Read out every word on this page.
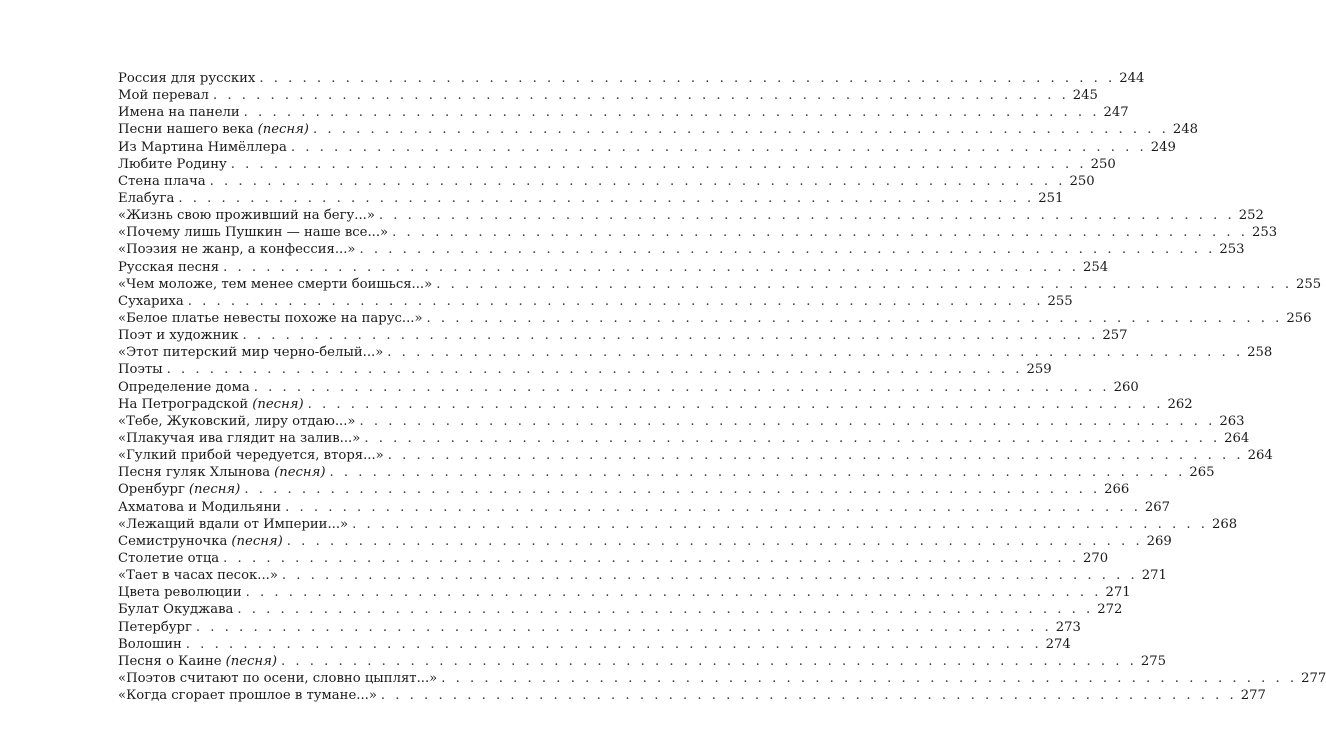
Россия для русских . . . . . . . . . . . . . . . . . . . . . . . . . . . . . . . . . . . . . . . . . . . . . . . . . . . . . . . . . . . . 244
Мой перевал . . . . . . . . . . . . . . . . . . . . . . . . . . . . . . . . . . . . . . . . . . . . . . . . . . . . . . . . . . . . 245
Имена на панели . . . . . . . . . . . . . . . . . . . . . . . . . . . . . . . . . . . . . . . . . . . . . . . . . . . . . . . . . . . . 247
Песни нашего века (песня) . . . . . . . . . . . . . . . . . . . . . . . . . . . . . . . . . . . . . . . . . . . . . . . . . . . . . . . . . . . . 248
Из Мартина Нимёллера . . . . . . . . . . . . . . . . . . . . . . . . . . . . . . . . . . . . . . . . . . . . . . . . . . . . . . . . . . . . 249
Любите Родину . . . . . . . . . . . . . . . . . . . . . . . . . . . . . . . . . . . . . . . . . . . . . . . . . . . . . . . . . . . . 250
Стена плача . . . . . . . . . . . . . . . . . . . . . . . . . . . . . . . . . . . . . . . . . . . . . . . . . . . . . . . . . . . . 250
Елабуга . . . . . . . . . . . . . . . . . . . . . . . . . . . . . . . . . . . . . . . . . . . . . . . . . . . . . . . . . . . . 251
«Жизнь свою проживший на бегу...» . . . . . . . . . . . . . . . . . . . . . . . . . . . . . . . . . . . . . . . . . . . . . . . . . . . . . . . . . . . . 252
«Почему лишь Пушкин — наше все...» . . . . . . . . . . . . . . . . . . . . . . . . . . . . . . . . . . . . . . . . . . . . . . . . . . . . . . . . . . . . 253
«Поэзия не жанр, а конфессия...» . . . . . . . . . . . . . . . . . . . . . . . . . . . . . . . . . . . . . . . . . . . . . . . . . . . . . . . . . . . . 253
Русская песня . . . . . . . . . . . . . . . . . . . . . . . . . . . . . . . . . . . . . . . . . . . . . . . . . . . . . . . . . . . . 254
«Чем моложе, тем менее смерти боишься...» . . . . . . . . . . . . . . . . . . . . . . . . . . . . . . . . . . . . . . . . . . . . . . . . . . . . . . . . . . . . 255
Сухариха . . . . . . . . . . . . . . . . . . . . . . . . . . . . . . . . . . . . . . . . . . . . . . . . . . . . . . . . . . . . 255
«Белое платье невесты похоже на парус...» . . . . . . . . . . . . . . . . . . . . . . . . . . . . . . . . . . . . . . . . . . . . . . . . . . . . . . . . . . . . 256
Поэт и художник . . . . . . . . . . . . . . . . . . . . . . . . . . . . . . . . . . . . . . . . . . . . . . . . . . . . . . . . . . . . 257
«Этот питерский мир черно-белый...» . . . . . . . . . . . . . . . . . . . . . . . . . . . . . . . . . . . . . . . . . . . . . . . . . . . . . . . . . . . . 258
Поэты . . . . . . . . . . . . . . . . . . . . . . . . . . . . . . . . . . . . . . . . . . . . . . . . . . . . . . . . . . . . 259
Определение дома . . . . . . . . . . . . . . . . . . . . . . . . . . . . . . . . . . . . . . . . . . . . . . . . . . . . . . . . . . . . 260
На Петроградской (песня) . . . . . . . . . . . . . . . . . . . . . . . . . . . . . . . . . . . . . . . . . . . . . . . . . . . . . . . . . . . . 262
«Тебе, Жуковский, лиру отдаю...» . . . . . . . . . . . . . . . . . . . . . . . . . . . . . . . . . . . . . . . . . . . . . . . . . . . . . . . . . . . . 263
«Плакучая ива глядит на залив...» . . . . . . . . . . . . . . . . . . . . . . . . . . . . . . . . . . . . . . . . . . . . . . . . . . . . . . . . . . . . 264
«Гулкий прибой чередуется, вторя...» . . . . . . . . . . . . . . . . . . . . . . . . . . . . . . . . . . . . . . . . . . . . . . . . . . . . . . . . . . . . 264
Песня гуляк Хлынова (песня) . . . . . . . . . . . . . . . . . . . . . . . . . . . . . . . . . . . . . . . . . . . . . . . . . . . . . . . . . . . . 265
Оренбург (песня) . . . . . . . . . . . . . . . . . . . . . . . . . . . . . . . . . . . . . . . . . . . . . . . . . . . . . . . . . . . . 266
Ахматова и Модильяни . . . . . . . . . . . . . . . . . . . . . . . . . . . . . . . . . . . . . . . . . . . . . . . . . . . . . . . . . . . . 267
«Лежащий вдали от Империи...» . . . . . . . . . . . . . . . . . . . . . . . . . . . . . . . . . . . . . . . . . . . . . . . . . . . . . . . . . . . . 268
Семиструночка (песня) . . . . . . . . . . . . . . . . . . . . . . . . . . . . . . . . . . . . . . . . . . . . . . . . . . . . . . . . . . . . 269
Столетие отца . . . . . . . . . . . . . . . . . . . . . . . . . . . . . . . . . . . . . . . . . . . . . . . . . . . . . . . . . . . . 270
«Тает в часах песок...» . . . . . . . . . . . . . . . . . . . . . . . . . . . . . . . . . . . . . . . . . . . . . . . . . . . . . . . . . . . . 271
Цвета революции . . . . . . . . . . . . . . . . . . . . . . . . . . . . . . . . . . . . . . . . . . . . . . . . . . . . . . . . . . . . 271
Булат Окуджава . . . . . . . . . . . . . . . . . . . . . . . . . . . . . . . . . . . . . . . . . . . . . . . . . . . . . . . . . . . . 272
Петербург . . . . . . . . . . . . . . . . . . . . . . . . . . . . . . . . . . . . . . . . . . . . . . . . . . . . . . . . . . . . 273
Волошин . . . . . . . . . . . . . . . . . . . . . . . . . . . . . . . . . . . . . . . . . . . . . . . . . . . . . . . . . . . . 274
Песня о Каине (песня) . . . . . . . . . . . . . . . . . . . . . . . . . . . . . . . . . . . . . . . . . . . . . . . . . . . . . . . . . . . . 275
«Поэтов считают по осени, словно цыплят...» . . . . . . . . . . . . . . . . . . . . . . . . . . . . . . . . . . . . . . . . . . . . . . . . . . . . . . . . . . . . 277
«Когда сгорает прошлое в тумане...» . . . . . . . . . . . . . . . . . . . . . . . . . . . . . . . . . . . . . . . . . . . . . . . . . . . . . . . . . . . . 277
